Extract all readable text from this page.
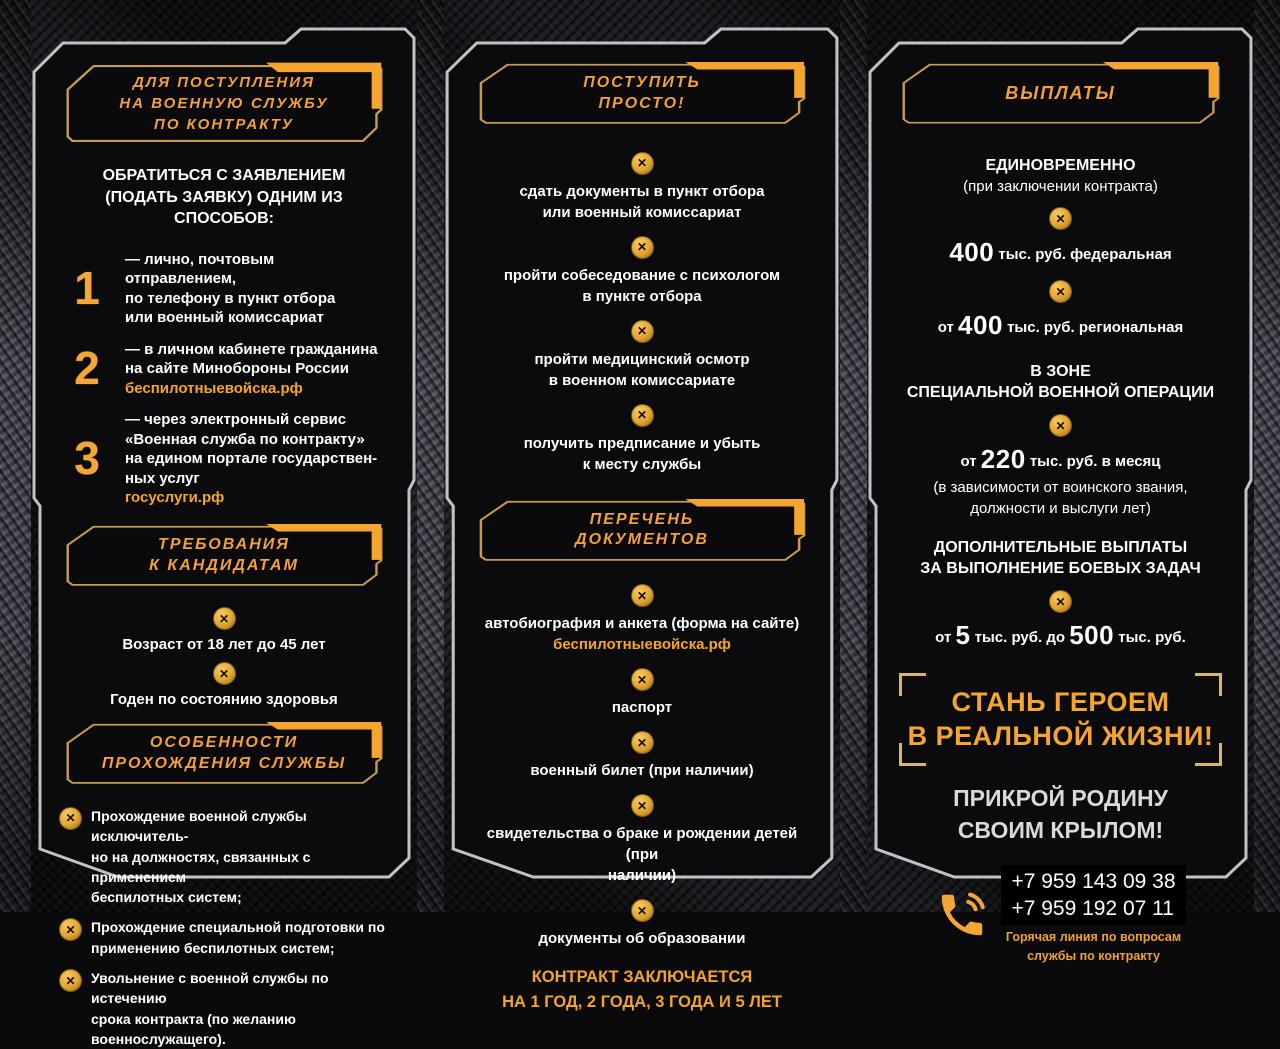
ДЛЯ ПОСТУПЛЕНИЯ
НА ВОЕННУЮ СЛУЖБУ
ПО КОНТРАКТУ
ОБРАТИТЬСЯ С ЗАЯВЛЕНИЕМ
(ПОДАТЬ ЗАЯВКУ) ОДНИМ ИЗ СПОСОБОВ:
1
— лично, почтовым отправлением,
по телефону в пункт отбора
или военный комиссариат
2	— в личном кабинете гражданина
на сайте Минобороны России
беспилотныевойска.рф
3
— через электронный сервис
«Военная служба по контракту»
на едином портале государствен-
ных услуг
госуслуги.рф
ТРЕБОВАНИЯ
К КАНДИДАТАМ
✕
Возраст от 18 лет до 45 лет
✕
Годен по состоянию здоровья
ОСОБЕННОСТИ
ПРОХОЖДЕНИЯ СЛУЖБЫ
✕	Прохождение военной службы исключитель-
но на должностях, связанных с применением
беспилотных систем;
✕	Прохождение специальной подготовки по
применению беспилотных систем;
✕	Увольнение с военной службы по истечению
срока контракта (по желанию военнослужащего).
ПОСТУПИТЬ
ПРОСТО!
✕
сдать документы в пункт отбора
или военный комиссариат
✕
пройти собеседование с психологом
в пункте отбора
✕
пройти медицинский осмотр
в военном комиссариате
✕
получить предписание и убыть
к месту службы
ПЕРЕЧЕНЬ
ДОКУМЕНТОВ
✕
автобиография и анкета (форма на сайте)
беспилотныевойска.рф
✕
паспорт
✕
военный билет (при наличии)
✕
свидетельства о браке и рождении детей (при
наличии)
✕
документы об образовании
КОНТРАКТ ЗАКЛЮЧАЕТСЯ
НА 1 ГОД, 2 ГОДА, 3 ГОДА И 5 ЛЕТ
ВЫПЛАТЫ
ЕДИНОВРЕМЕННО
(при заключении контракта)
✕
400 тыс. руб. федеральная
✕
от 400 тыс. руб. региональная
В ЗОНЕ
СПЕЦИАЛЬНОЙ ВОЕННОЙ ОПЕРАЦИИ
✕
от 220 тыс. руб. в месяц
(в зависимости от воинского звания,
должности и выслуги лет)
ДОПОЛНИТЕЛЬНЫЕ ВЫПЛАТЫ
ЗА ВЫПОЛНЕНИЕ БОЕВЫХ ЗАДАЧ
✕
от 5 тыс. руб. до 500 тыс. руб.
СТАНЬ ГЕРОЕМ
В РЕАЛЬНОЙ ЖИЗНИ!
ПРИКРОЙ РОДИНУ
СВОИМ КРЫЛОМ!
+7 959 143 09 38
+7 959 192 07 11
Горячая линия по вопросам
службы по контракту
